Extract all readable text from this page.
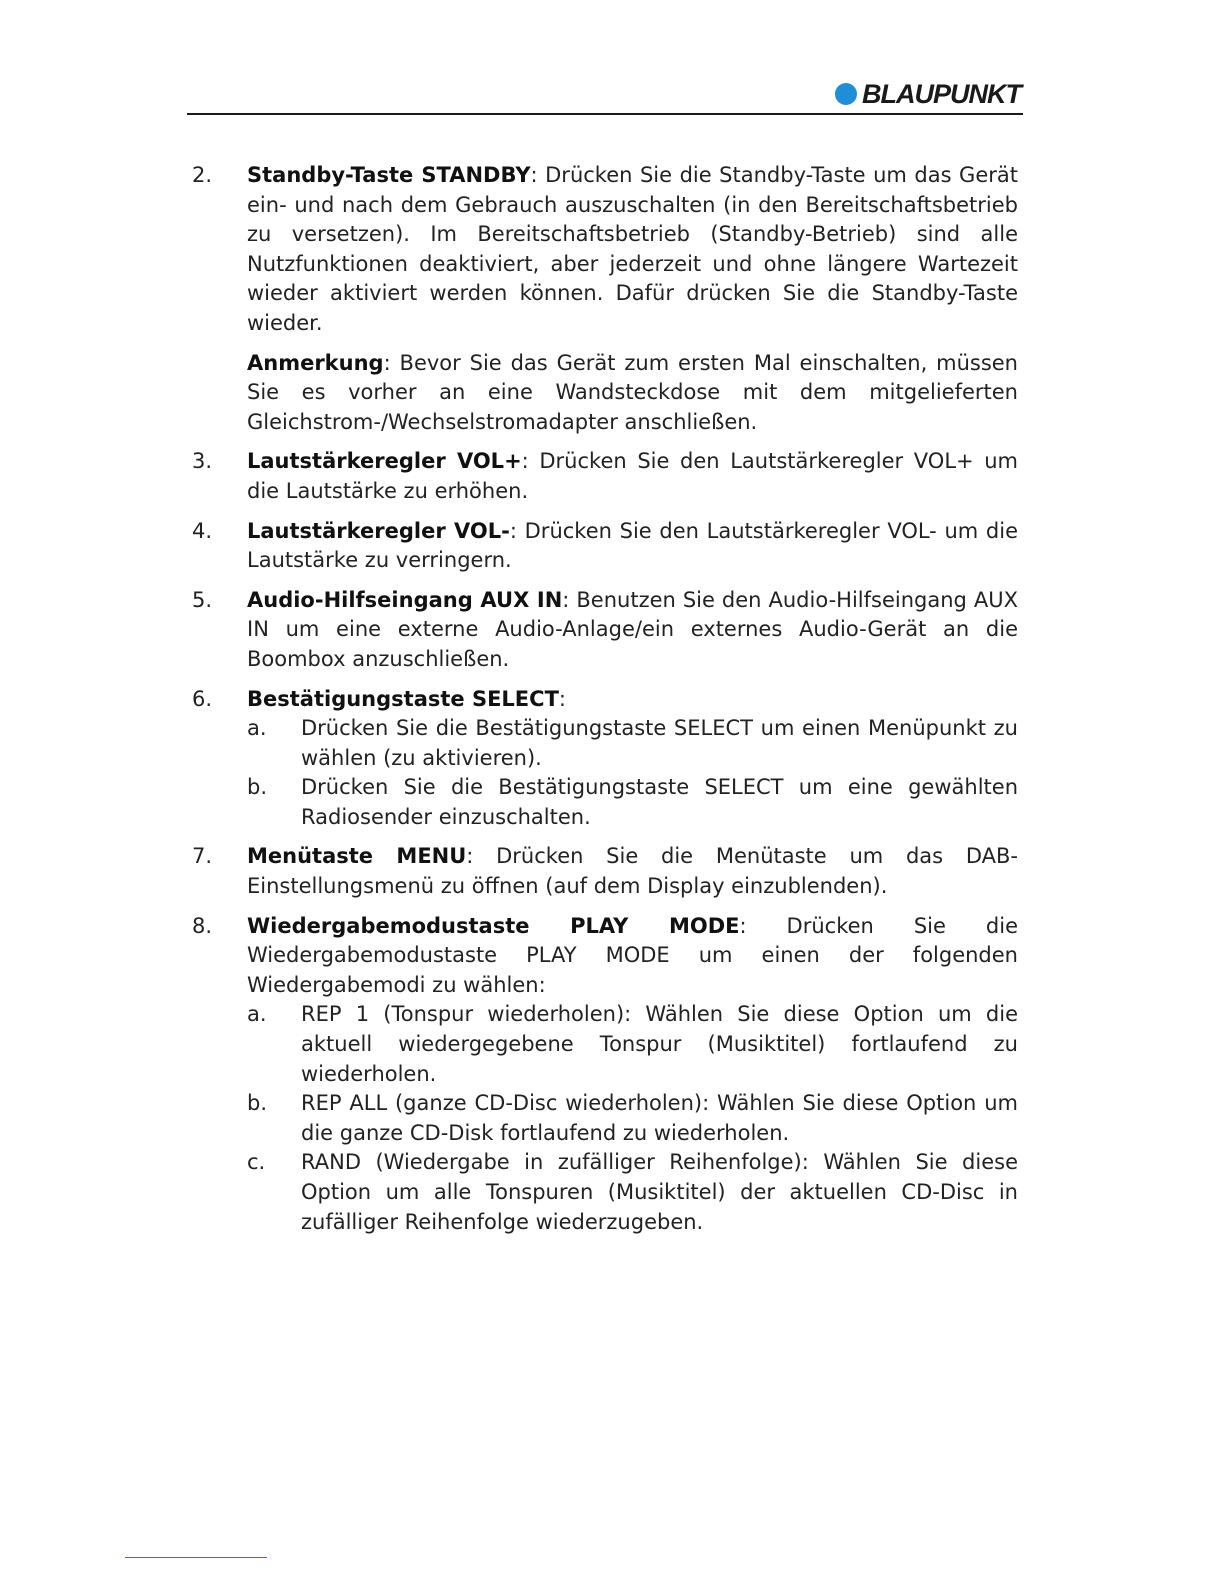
BLAUPUNKT
2.	Standby-Taste STANDBY: Drücken Sie die Standby-Taste um das Gerät ein- und nach dem Gebrauch auszuschalten (in den Bereitschaftsbetrieb zu versetzen). Im Bereitschaftsbetrieb (Standby-Betrieb) sind alle Nutzfunktionen deaktiviert, aber jederzeit und ohne längere Wartezeit wieder aktiviert werden können. Dafür drücken Sie die Standby-Taste wieder.
Anmerkung: Bevor Sie das Gerät zum ersten Mal einschalten, müssen Sie es vorher an eine Wandsteckdose mit dem mitgelieferten Gleichstrom-/Wechselstromadapter anschließen.
3.	Lautstärkeregler VOL+: Drücken Sie den Lautstärkeregler VOL+ um die Lautstärke zu erhöhen.
4.	Lautstärkeregler VOL-: Drücken Sie den Lautstärkeregler VOL- um die Lautstärke zu verringern.
5.	Audio-Hilfseingang AUX IN: Benutzen Sie den Audio-Hilfseingang AUX IN um eine externe Audio-Anlage/ein externes Audio-Gerät an die Boombox anzuschließen.
6.	Bestätigungstaste SELECT:
a.	Drücken Sie die Bestätigungstaste SELECT um einen Menüpunkt zu wählen (zu aktivieren).
b.	Drücken Sie die Bestätigungstaste SELECT um eine gewählten Radiosender einzuschalten.
7.	Menütaste MENU: Drücken Sie die Menütaste um das DAB-Einstellungsmenü zu öffnen (auf dem Display einzublenden).
8.	Wiedergabemodustaste PLAY MODE: Drücken Sie die Wiedergabemodustaste PLAY MODE um einen der folgenden Wiedergabemodi zu wählen:
a.	REP 1 (Tonspur wiederholen): Wählen Sie diese Option um die aktuell wiedergegebene Tonspur (Musiktitel) fortlaufend zu wiederholen.
b.	REP ALL (ganze CD-Disc wiederholen): Wählen Sie diese Option um die ganze CD-Disk fortlaufend zu wiederholen.
c.	RAND (Wiedergabe in zufälliger Reihenfolge): Wählen Sie diese Option um alle Tonspuren (Musiktitel) der aktuellen CD-Disc in zufälliger Reihenfolge wiederzugeben.
